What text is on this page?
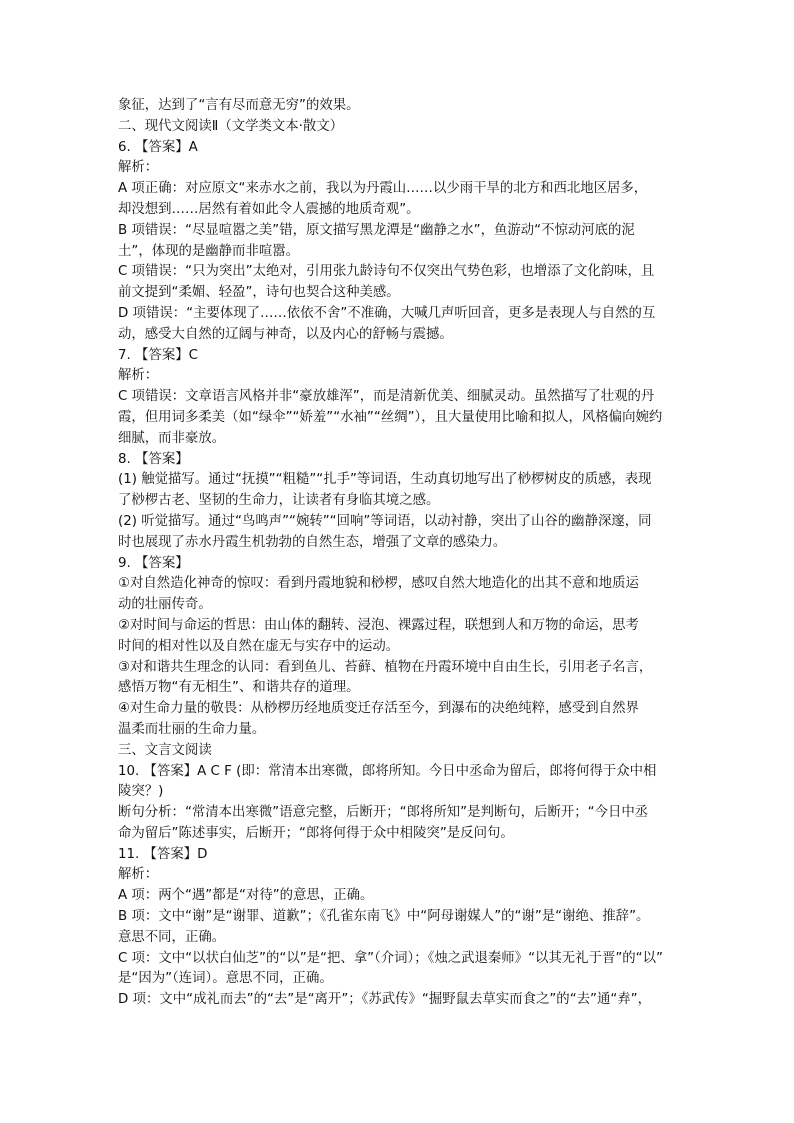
象征，达到了“言有尽而意无穷”的效果。
二、现代文阅读Ⅱ（文学类文本·散文）
6. 【答案】A
解析：
A 项正确：对应原文“来赤水之前，我以为丹霞山……以少雨干旱的北方和西北地区居多，
却没想到……居然有着如此令人震撼的地质奇观”。
B 项错误：“尽显喧嚣之美”错，原文描写黑龙潭是“幽静之水”，鱼游动“不惊动河底的泥
土”，体现的是幽静而非喧嚣。
C 项错误：“只为突出”太绝对，引用张九龄诗句不仅突出气势色彩，也增添了文化韵味，且
前文提到“柔媚、轻盈”，诗句也契合这种美感。
D 项错误：“主要体现了……依依不舍”不准确，大喊几声听回音，更多是表现人与自然的互
动，感受大自然的辽阔与神奇，以及内心的舒畅与震撼。
7. 【答案】C
解析：
C 项错误：文章语言风格并非“豪放雄浑”，而是清新优美、细腻灵动。虽然描写了壮观的丹
霞，但用词多柔美（如“绿伞”“娇羞”“水袖”“丝绸”），且大量使用比喻和拟人，风格偏向婉约
细腻，而非豪放。
8. 【答案】
(1) 触觉描写。通过“抚摸”“粗糙”“扎手”等词语，生动真切地写出了桫椤树皮的质感，表现
了桫椤古老、坚韧的生命力，让读者有身临其境之感。
(2) 听觉描写。通过“鸟鸣声”“婉转”“回响”等词语，以动衬静，突出了山谷的幽静深邃，同
时也展现了赤水丹霞生机勃勃的自然生态，增强了文章的感染力。
9. 【答案】
①对自然造化神奇的惊叹：看到丹霞地貌和桫椤，感叹自然大地造化的出其不意和地质运
动的壮丽传奇。
②对时间与命运的哲思：由山体的翻转、浸泡、裸露过程，联想到人和万物的命运，思考
时间的相对性以及自然在虚无与实存中的运动。
③对和谐共生理念的认同：看到鱼儿、苔藓、植物在丹霞环境中自由生长，引用老子名言，
感悟万物“有无相生”、和谐共存的道理。
④对生命力量的敬畏：从桫椤历经地质变迁存活至今，到瀑布的决绝纯粹，感受到自然界
温柔而壮丽的生命力量。
三、文言文阅读
10. 【答案】A C F (即：常清本出寒微，郎将所知。今日中丞命为留后，郎将何得于众中相
陵突？)
断句分析：“常清本出寒微”语意完整，后断开；“郎将所知”是判断句，后断开；“今日中丞
命为留后”陈述事实，后断开；“郎将何得于众中相陵突”是反问句。
11. 【答案】D
解析：
A 项：两个“遇”都是“对待”的意思，正确。
B 项：文中“谢”是“谢罪、道歉”；《孔雀东南飞》中“阿母谢媒人”的“谢”是“谢绝、推辞”。
意思不同，正确。
C 项：文中“以状白仙芝”的“以”是“把、拿”（介词）；《烛之武退秦师》“以其无礼于晋”的“以”
是“因为”（连词）。意思不同，正确。
D 项：文中“成礼而去”的“去”是“离开”；《苏武传》“掘野鼠去草实而食之”的“去”通“弆”，
